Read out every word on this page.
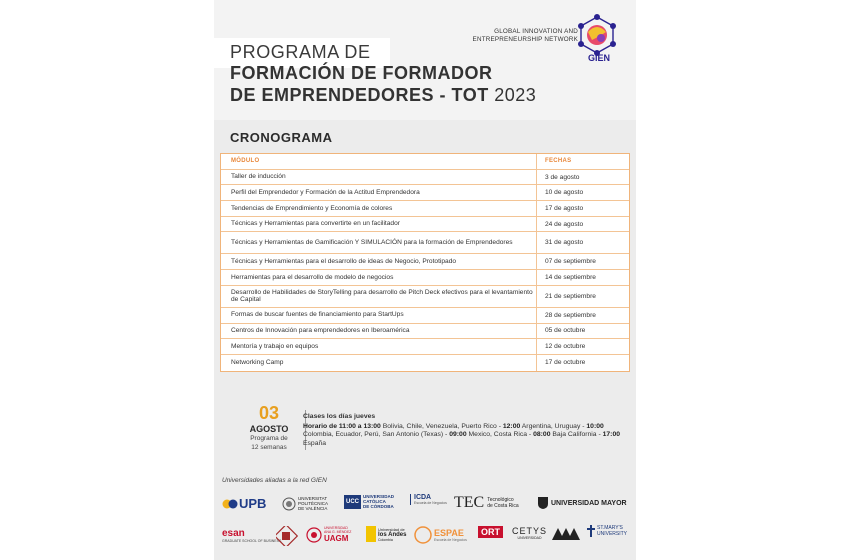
PROGRAMA DE
FORMACIÓN DE FORMADOR
DE EMPRENDEDORES - TOT 2023
GLOBAL INNOVATION AND
ENTREPRENEURSHIP NETWORK
GIEN
CRONOGRAMA
MÓDULO	FECHAS
Taller de inducción	3 de agosto
Perfil del Emprendedor y Formación de la Actitud Emprendedora	10 de agosto
Tendencias de Emprendimiento y Economía de colores	17 de agosto
Técnicas y Herramientas para convertirte en un facilitador	24 de agosto
Técnicas y Herramientas de Gamificación Y SIMULACIÓN para la formación de Emprendedores	31 de agosto
Técnicas y Herramientas para el desarrollo de ideas de Negocio, Prototipado	07 de septiembre
Herramientas para el desarrollo de modelo de negocios	14 de septiembre
Desarrollo de Habilidades de StoryTelling para desarrollo de Pitch Deck efectivos para el levantamiento de Capital	21 de septiembre
Formas de buscar fuentes de financiamiento para StartUps	28 de septiembre
Centros de Innovación para emprendedores en Iberoamérica	05 de octubre
Mentoría y trabajo en equipos	12 de octubre
Networking Camp	17 de octubre
03
AGOSTO
Programa de
12 semanas
Clases los días jueves
Horario de 11:00 a 13:00 Bolivia, Chile, Venezuela, Puerto Rico - 12:00 Argentina, Uruguay - 10:00 Colombia, Ecuador, Perú, San Antonio (Texas) - 09:00 Mexico, Costa Rica - 08:00 Baja California - 17:00 España
Universidades aliadas a la red GIEN
UPB	UNIVERSITAT
POLITÈCNICA
DE VALÈNCIA
UCC
UNIVERSIDAD
CATÓLICA
DE CÓRDOBA
ICDA
Escuela de Negocios TEC Tecnológico
de Costa Rica	UNIVERSIDAD MAYOR
esan
GRADUATE SCHOOL OF BUSINESS
UNIVERSIDAD
ANA G. MÉNDEZ
UAGM
Universidad de
los Andes
Colombia
ESPAE
Escuela de Negocios
ORT CETYS
UNIVERSIDAD
ST.MARY'S
UNIVERSITY
